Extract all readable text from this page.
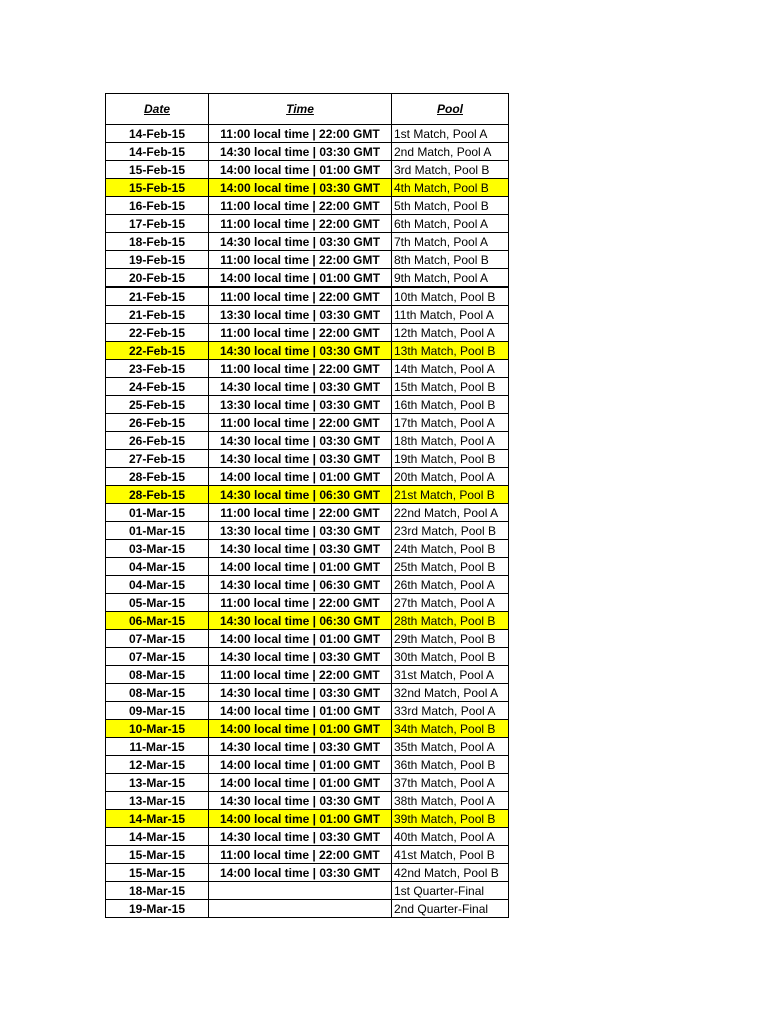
Date	Time	Pool
14-Feb-15	11:00 local time | 22:00 GMT	1st Match, Pool A
14-Feb-15	14:30 local time | 03:30 GMT	2nd Match, Pool A
15-Feb-15	14:00 local time | 01:00 GMT	3rd Match, Pool B
15-Feb-15	14:00 local time | 03:30 GMT	4th Match, Pool B
16-Feb-15	11:00 local time | 22:00 GMT	5th Match, Pool B
17-Feb-15	11:00 local time | 22:00 GMT	6th Match, Pool A
18-Feb-15	14:30 local time | 03:30 GMT	7th Match, Pool A
19-Feb-15	11:00 local time | 22:00 GMT	8th Match, Pool B
20-Feb-15	14:00 local time | 01:00 GMT	9th Match, Pool A
21-Feb-15	11:00 local time | 22:00 GMT	10th Match, Pool B
21-Feb-15	13:30 local time | 03:30 GMT	11th Match, Pool A
22-Feb-15	11:00 local time | 22:00 GMT	12th Match, Pool A
22-Feb-15	14:30 local time | 03:30 GMT	13th Match, Pool B
23-Feb-15	11:00 local time | 22:00 GMT	14th Match, Pool A
24-Feb-15	14:30 local time | 03:30 GMT	15th Match, Pool B
25-Feb-15	13:30 local time | 03:30 GMT	16th Match, Pool B
26-Feb-15	11:00 local time | 22:00 GMT	17th Match, Pool A
26-Feb-15	14:30 local time | 03:30 GMT	18th Match, Pool A
27-Feb-15	14:30 local time | 03:30 GMT	19th Match, Pool B
28-Feb-15	14:00 local time | 01:00 GMT	20th Match, Pool A
28-Feb-15	14:30 local time | 06:30 GMT	21st Match, Pool B
01-Mar-15	11:00 local time | 22:00 GMT	22nd Match, Pool A
01-Mar-15	13:30 local time | 03:30 GMT	23rd Match, Pool B
03-Mar-15	14:30 local time | 03:30 GMT	24th Match, Pool B
04-Mar-15	14:00 local time | 01:00 GMT	25th Match, Pool B
04-Mar-15	14:30 local time | 06:30 GMT	26th Match, Pool A
05-Mar-15	11:00 local time | 22:00 GMT	27th Match, Pool A
06-Mar-15	14:30 local time | 06:30 GMT	28th Match, Pool B
07-Mar-15	14:00 local time | 01:00 GMT	29th Match, Pool B
07-Mar-15	14:30 local time | 03:30 GMT	30th Match, Pool B
08-Mar-15	11:00 local time | 22:00 GMT	31st Match, Pool A
08-Mar-15	14:30 local time | 03:30 GMT	32nd Match, Pool A
09-Mar-15	14:00 local time | 01:00 GMT	33rd Match, Pool A
10-Mar-15	14:00 local time | 01:00 GMT	34th Match, Pool B
11-Mar-15	14:30 local time | 03:30 GMT	35th Match, Pool A
12-Mar-15	14:00 local time | 01:00 GMT	36th Match, Pool B
13-Mar-15	14:00 local time | 01:00 GMT	37th Match, Pool A
13-Mar-15	14:30 local time | 03:30 GMT	38th Match, Pool A
14-Mar-15	14:00 local time | 01:00 GMT	39th Match, Pool B
14-Mar-15	14:30 local time | 03:30 GMT	40th Match, Pool A
15-Mar-15	11:00 local time | 22:00 GMT	41st Match, Pool B
15-Mar-15	14:00 local time | 03:30 GMT	42nd Match, Pool B
18-Mar-15		1st Quarter-Final
19-Mar-15		2nd Quarter-Final
